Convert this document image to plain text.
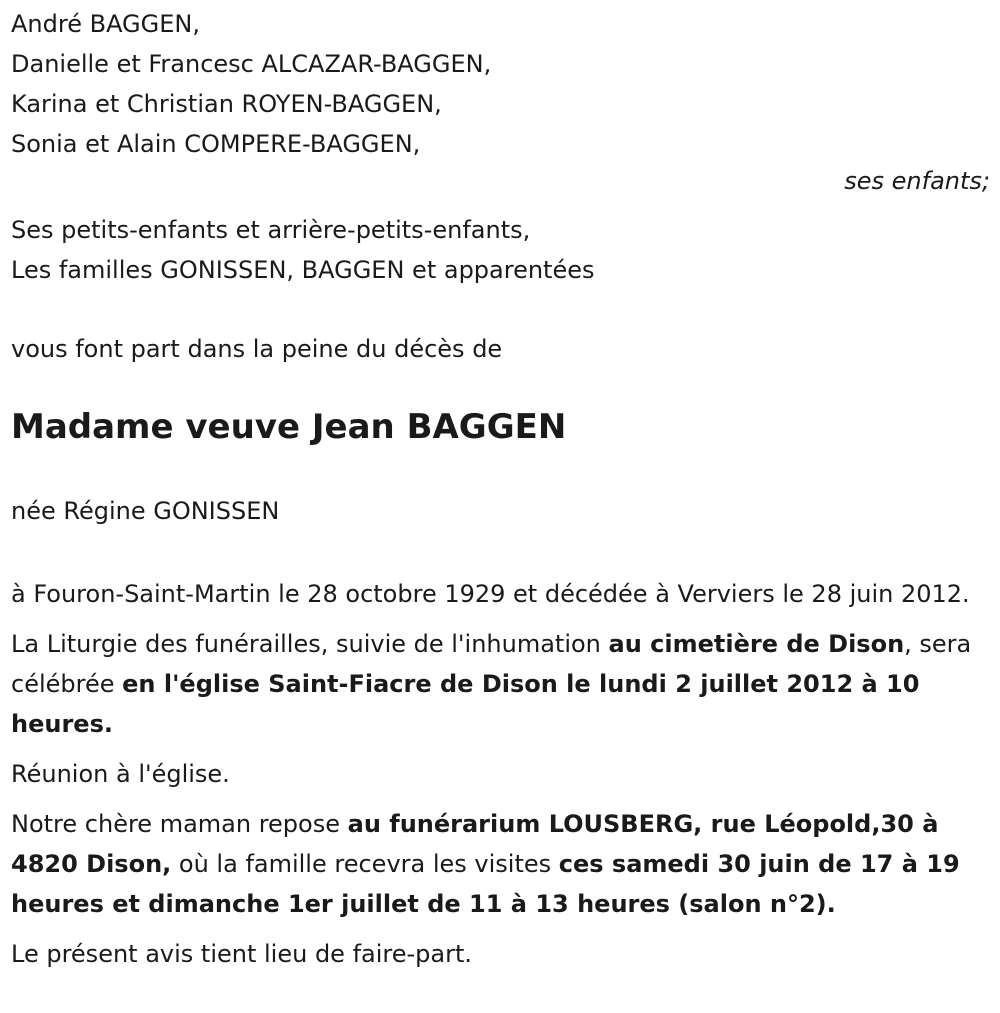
André BAGGEN,
Danielle et Francesc ALCAZAR-BAGGEN,
Karina et Christian ROYEN-BAGGEN,
Sonia et Alain COMPERE-BAGGEN,
ses enfants;
Ses petits-enfants et arrière-petits-enfants,
Les familles GONISSEN, BAGGEN et apparentées
vous font part dans la peine du décès de
Madame veuve Jean BAGGEN
née Régine GONISSEN

à Fouron-Saint-Martin le 28 octobre 1929 et décédée à Verviers le 28 juin 2012.

La Liturgie des funérailles, suivie de l'inhumation au cimetière de Dison, sera célébrée en l'église Saint-Fiacre de Dison le lundi 2 juillet 2012 à 10 heures.

Réunion à l'église.

Notre chère maman repose au funérarium LOUSBERG, rue Léopold,30 à 4820 Dison, où la famille recevra les visites ces samedi 30 juin de 17 à 19 heures et dimanche 1er juillet de 11 à 13 heures (salon n°2).

Le présent avis tient lieu de faire-part.
